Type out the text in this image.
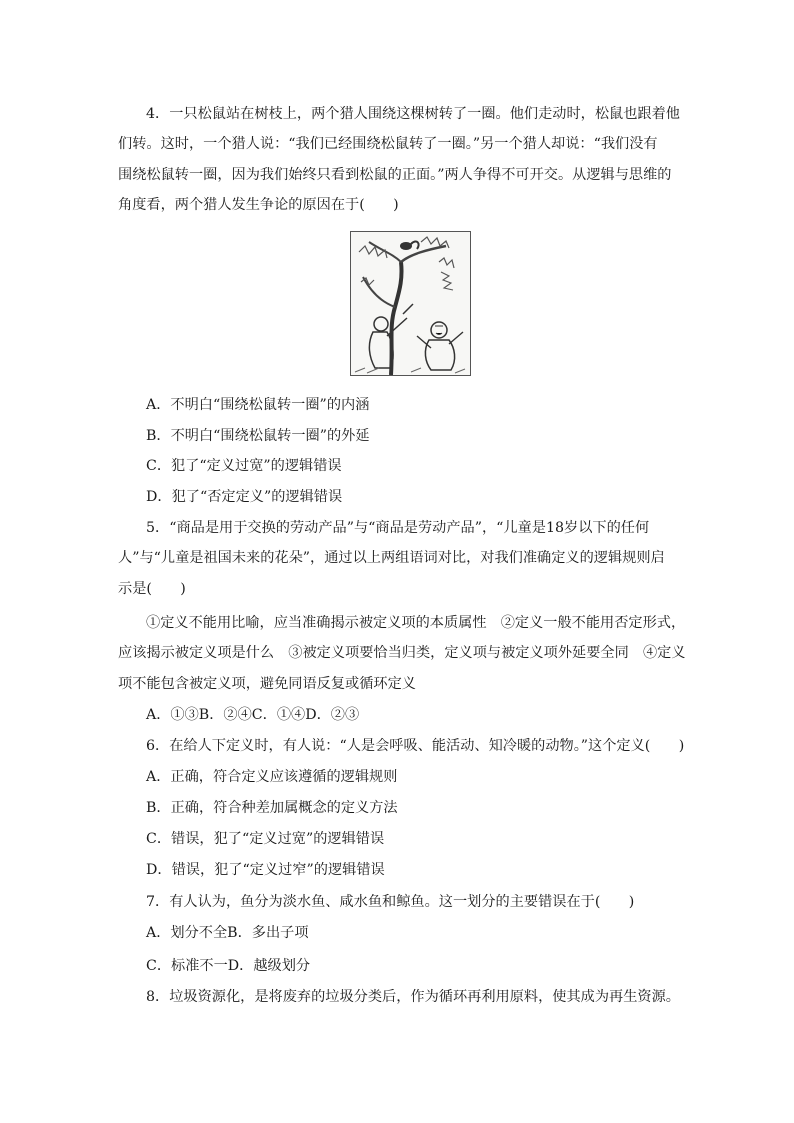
4．一只松鼠站在树枝上，两个猎人围绕这棵树转了一圈。他们走动时，松鼠也跟着他
们转。这时，一个猎人说：“我们已经围绕松鼠转了一圈。”另一个猎人却说：“我们没有
围绕松鼠转一圈，因为我们始终只看到松鼠的正面。”两人争得不可开交。从逻辑与思维的
角度看，两个猎人发生争论的原因在于(　　)
A．不明白“围绕松鼠转一圈”的内涵
B．不明白“围绕松鼠转一圈”的外延
C．犯了“定义过宽”的逻辑错误
D．犯了“否定定义”的逻辑错误
5．“商品是用于交换的劳动产品”与“商品是劳动产品”，“儿童是18岁以下的任何
人”与“儿童是祖国未来的花朵”，通过以上两组语词对比，对我们准确定义的逻辑规则启
示是(　　)
①定义不能用比喻，应当准确揭示被定义项的本质属性　②定义一般不能用否定形式，
应该揭示被定义项是什么　③被定义项要恰当归类，定义项与被定义项外延要全同　④定义
项不能包含被定义项，避免同语反复或循环定义
A．①③B．②④C．①④D．②③
6．在给人下定义时，有人说：“人是会呼吸、能活动、知冷暖的动物。”这个定义(　　)
A．正确，符合定义应该遵循的逻辑规则
B．正确，符合种差加属概念的定义方法
C．错误，犯了“定义过宽”的逻辑错误
D．错误，犯了“定义过窄”的逻辑错误
7．有人认为，鱼分为淡水鱼、咸水鱼和鲸鱼。这一划分的主要错误在于(　　)
A．划分不全B．多出子项
C．标准不一D．越级划分
8．垃圾资源化，是将废弃的垃圾分类后，作为循环再利用原料，使其成为再生资源。
